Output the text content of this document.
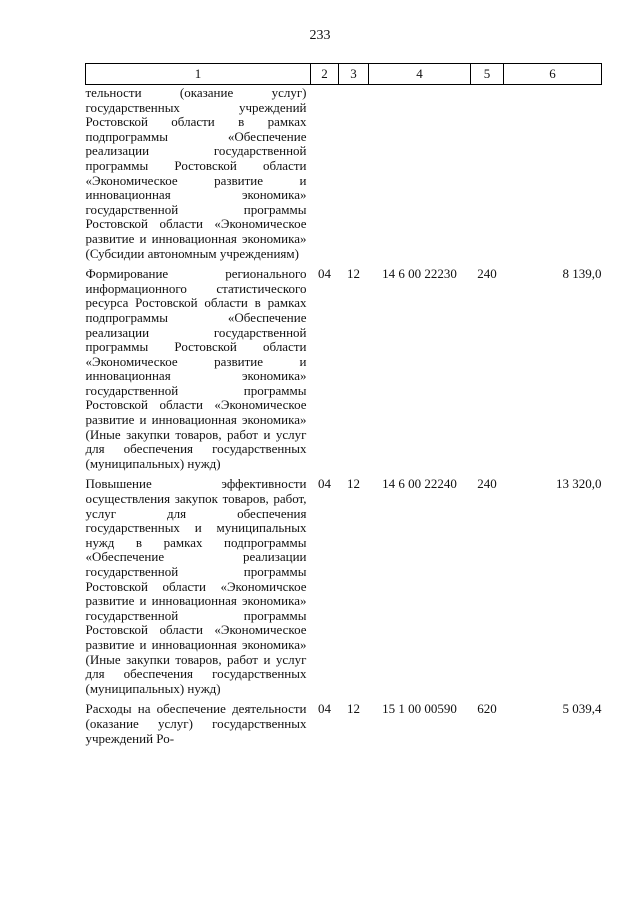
233
1	2	3	4	5	6
тельности (оказание услуг) государственных учреждений Ростовской области в рамках подпрограммы «Обеспечение реализации государственной программы Ростовской области «Экономическое развитие и инновационная экономика» государственной программы Ростовской области «Экономическое развитие и инновационная экономика» (Субсидии автономным учреждениям)					
Формирование регионального информационного статистического ресурса Ростовской области в рамках подпрограммы «Обеспечение реализации государственной программы Ростовской области «Экономическое развитие и инновационная экономика» государственной программы Ростовской области «Экономическое развитие и инновационная экономика» (Иные закупки товаров, работ и услуг для обеспечения государственных (муниципальных) нужд)	04	12	14 6 00 22230	240	8 139,0
Повышение эффективности осуществления закупок товаров, работ, услуг для обеспечения государственных и муниципальных нужд в рамках подпрограммы «Обеспечение реализации государственной программы Ростовской области «Экономичское развитие и инновационная экономика» государственной программы Ростовской области «Экономическое развитие и инновационная экономика» (Иные закупки товаров, работ и услуг для обеспечения государственных (муниципальных) нужд)	04	12	14 6 00 22240	240	13 320,0
Расходы на обеспечение деятельности (оказание услуг) государственных учреждений Ро-	04	12	15 1 00 00590	620	5 039,4
